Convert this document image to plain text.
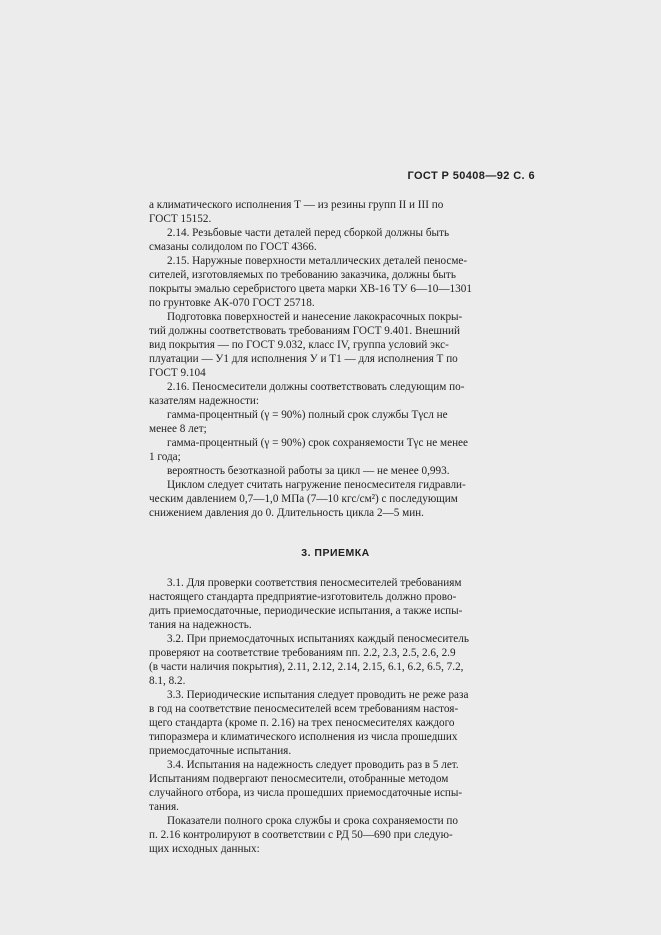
ГОСТ Р 50408—92 С. 6
а климатического исполнения Т — из резины групп II и III по
ГОСТ 15152.
2.14. Резьбовые части деталей перед сборкой должны быть
смазаны солидолом по ГОСТ 4366.
2.15. Наружные поверхности металлических деталей пеносме-
сителей, изготовляемых по требованию заказчика, должны быть
покрыты эмалью серебристого цвета марки ХВ-16 ТУ 6—10—1301
по грунтовке АК-070 ГОСТ 25718.
Подготовка поверхностей и нанесение лакокрасочных покры-
тий должны соответствовать требованиям ГОСТ 9.401. Внешний
вид покрытия — по ГОСТ 9.032, класс IV, группа условий экс-
плуатации — У1 для исполнения У и Т1 — для исполнения Т по
ГОСТ 9.104
2.16. Пеносмесители должны соответствовать следующим по-
казателям надежности:
гамма-процентный (γ = 90%) полный срок службы Tγсл не
менее 8 лет;
гамма-процентный (γ = 90%) срок сохраняемости Tγс не менее
1 года;
вероятность безотказной работы за цикл — не менее 0,993.
Циклом следует считать нагружение пеносмесителя гидравли-
ческим давлением 0,7—1,0 МПа (7—10 кгс/см²) с последующим
снижением давления до 0. Длительность цикла 2—5 мин.
3. ПРИЕМКА
3.1. Для проверки соответствия пеносмесителей требованиям
настоящего стандарта предприятие-изготовитель должно прово-
дить приемосдаточные, периодические испытания, а также испы-
тания на надежность.
3.2. При приемосдаточных испытаниях каждый пеносмеситель
проверяют на соответствие требованиям пп. 2.2, 2.3, 2.5, 2.6, 2.9
(в части наличия покрытия), 2.11, 2.12, 2.14, 2.15, 6.1, 6.2, 6.5, 7.2,
8.1, 8.2.
3.3. Периодические испытания следует проводить не реже раза
в год на соответствие пеносмесителей всем требованиям настоя-
щего стандарта (кроме п. 2.16) на трех пеносмесителях каждого
типоразмера и климатического исполнения из числа прошедших
приемосдаточные испытания.
3.4. Испытания на надежность следует проводить раз в 5 лет.
Испытаниям подвергают пеносмесители, отобранные методом
случайного отбора, из числа прошедших приемосдаточные испы-
тания.
Показатели полного срока службы и срока сохраняемости по
п. 2.16 контролируют в соответствии с РД 50—690 при следую-
щих исходных данных:
